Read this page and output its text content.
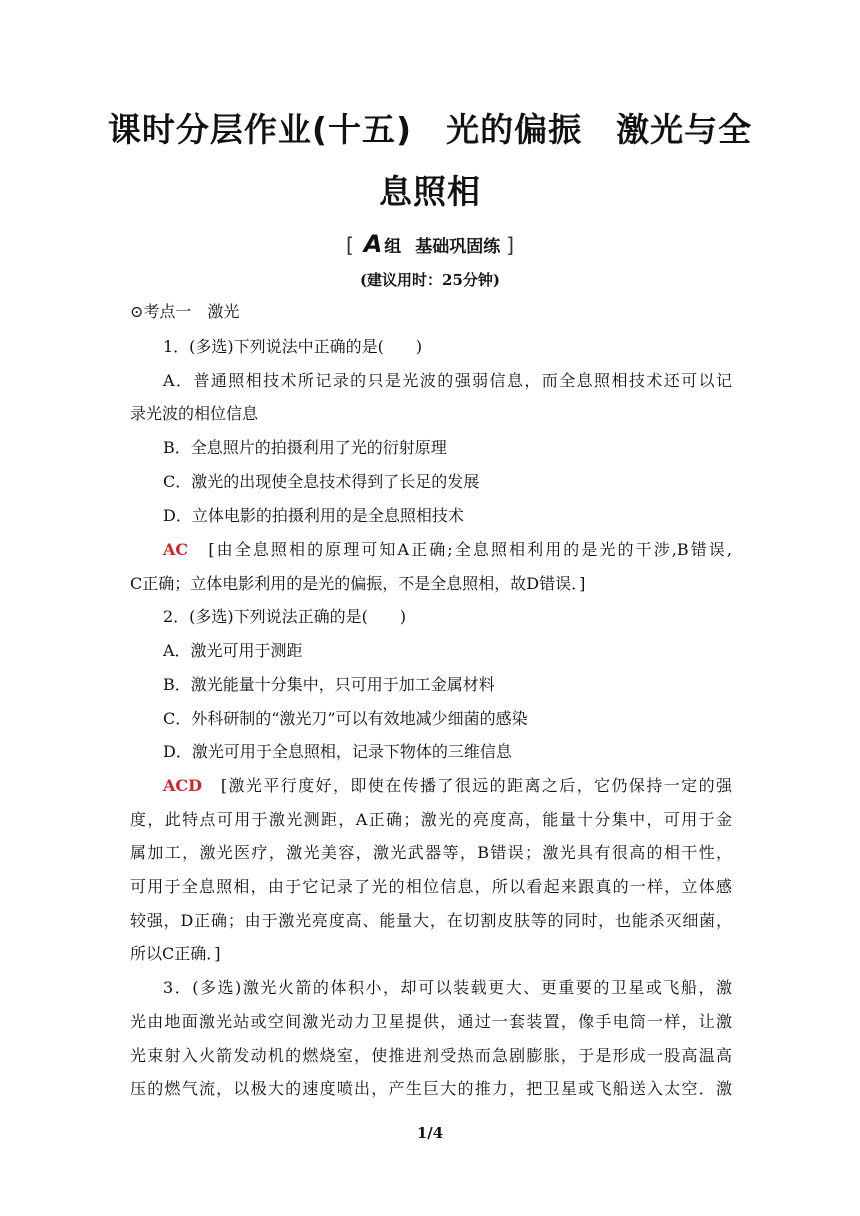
课时分层作业(十五)　光的偏振　激光与全
息照相
[ A 组 基础巩固练 ]
(建议用时：25分钟)
⊙考点一　激光
1．(多选)下列说法中正确的是(　　)
A．普通照相技术所记录的只是光波的强弱信息，而全息照相技术还可以记
录光波的相位信息
B．全息照片的拍摄利用了光的衍射原理
C．激光的出现使全息技术得到了长足的发展
D．立体电影的拍摄利用的是全息照相技术
AC　 [由全息照相的原理可知A正确;全息照相利用的是光的干涉,B错误,
C正确；立体电影利用的是光的偏振，不是全息照相，故D错误．]
2．(多选)下列说法正确的是(　　)
A．激光可用于测距
B．激光能量十分集中，只可用于加工金属材料
C．外科研制的“激光刀”可以有效地减少细菌的感染
D．激光可用于全息照相，记录下物体的三维信息
ACD　 [激光平行度好，即使在传播了很远的距离之后，它仍保持一定的强
度，此特点可用于激光测距，A正确；激光的亮度高，能量十分集中，可用于金
属加工，激光医疗，激光美容，激光武器等，B错误；激光具有很高的相干性，
可用于全息照相，由于它记录了光的相位信息，所以看起来跟真的一样，立体感
较强，D正确；由于激光亮度高、能量大，在切割皮肤等的同时，也能杀灭细菌，
所以C正确．]
3．(多选)激光火箭的体积小，却可以装载更大、更重要的卫星或飞船，激
光由地面激光站或空间激光动力卫星提供，通过一套装置，像手电筒一样，让激
光束射入火箭发动机的燃烧室，使推进剂受热而急剧膨胀，于是形成一股高温高
压的燃气流，以极大的速度喷出，产生巨大的推力，把卫星或飞船送入太空．激
1/4
